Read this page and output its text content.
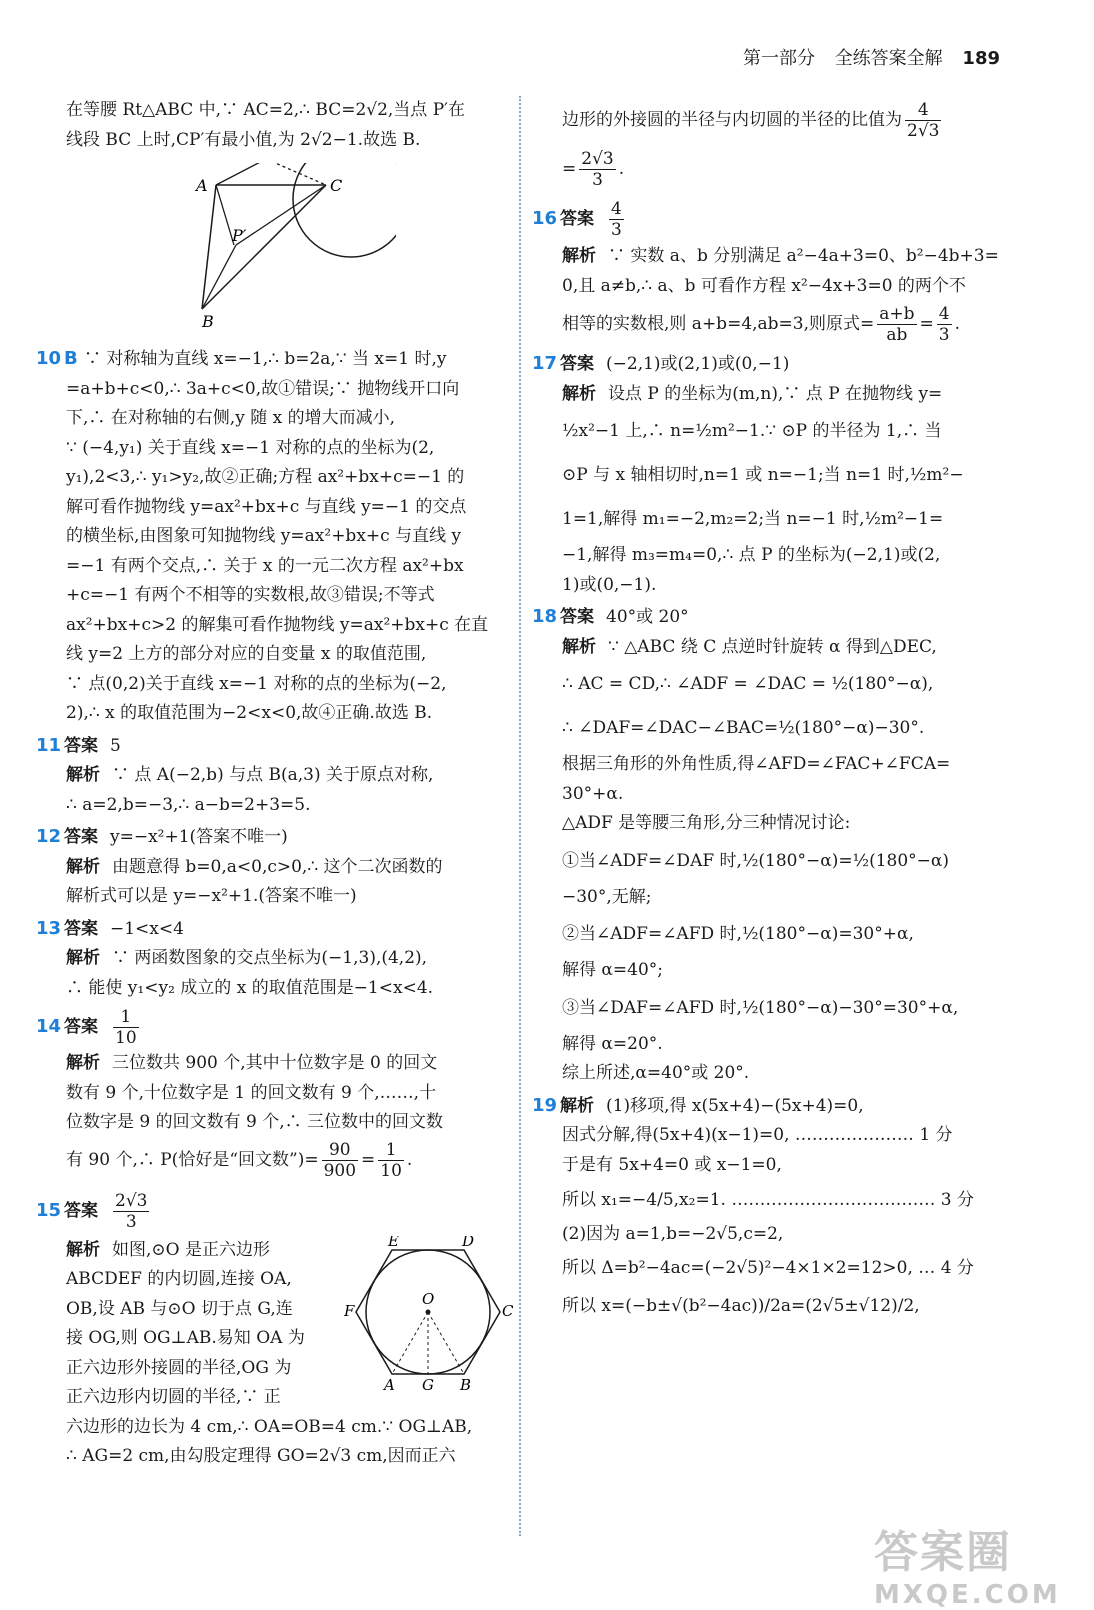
第一部分 全练答案全解 189

在等腰 Rt△ABC 中,∵ AC=2,∴ BC=2√2,当点 P′在

线段 BC 上时,CP′有最小值,为 2√2−1.故选 B.

A
B
C
P′

10 B ∵ 对称轴为直线 x=−1,∴ b=2a,∵ 当 x=1 时,y

=a+b+c<0,∴ 3a+c<0,故①错误;∵ 抛物线开口向

下,∴ 在对称轴的右侧,y 随 x 的增大而减小,

∵ (−4,y₁) 关于直线 x=−1 对称的点的坐标为(2,

y₁),2<3,∴ y₁>y₂,故②正确;方程 ax²+bx+c=−1 的

解可看作抛物线 y=ax²+bx+c 与直线 y=−1 的交点

的横坐标,由图象可知抛物线 y=ax²+bx+c 与直线 y

=−1 有两个交点,∴ 关于 x 的一元二次方程 ax²+bx

+c=−1 有两个不相等的实数根,故③错误;不等式

ax²+bx+c>2 的解集可看作抛物线 y=ax²+bx+c 在直

线 y=2 上方的部分对应的自变量 x 的取值范围,

∵ 点(0,2)关于直线 x=−1 对称的点的坐标为(−2,

2),∴ x 的取值范围为−2<x<0,故④正确.故选 B.

11 答案 5

解析 ∵ 点 A(−2,b) 与点 B(a,3) 关于原点对称,

∴ a=2,b=−3,∴ a−b=2+3=5.

12 答案 y=−x²+1(答案不唯一)

解析 由题意得 b=0,a<0,c>0,∴ 这个二次函数的

解析式可以是 y=−x²+1.(答案不唯一)

13 答案 −1<x<4

解析 ∵ 两函数图象的交点坐标为(−1,3),(4,2),

∴ 能使 y₁<y₂ 成立的 x 的取值范围是−1<x<4.

14 答案 $\frac{1}{10}$

解析 三位数共 900 个,其中十位数字是 0 的回文

数有 9 个,十位数字是 1 的回文数有 9 个,……,十

位数字是 9 的回文数有 9 个,∴ 三位数中的回文数

有 90 个,∴ P(恰好是“回文数”)= $\frac{90}{900} = \frac{1}{10}$ .

15 答案 $\frac{2√3}{3}$

E	D
F	C
O
A G B

解析 如图,⊙O 是正六边形

ABCDEF 的内切圆,连接 OA,

OB,设 AB 与⊙O 切于点 G,连

接 OG,则 OG⊥AB.易知 OA 为

正六边形外接圆的半径,OG 为

正六边形内切圆的半径,∵ 正

六边形的边长为 4 cm,∴ OA=OB=4 cm.∵ OG⊥AB,

∴ AG=2 cm,由勾股定理得 GO=2√3 cm,因而正六

边形的外接圆的半径与内切圆的半径的比值为 $\frac{4}{2√3}$

= $\frac{2√3}{3}$ .

16 答案 $\frac{4}{3}$

解析 ∵ 实数 a、b 分别满足 a²−4a+3=0、b²−4b+3=

0,且 a≠b,∴ a、b 可看作方程 x²−4x+3=0 的两个不

相等的实数根,则 a+b=4,ab=3,则原式= $\frac{a+b}{ab} = \frac{4}{3}$ .

17 答案 (−2,1)或(2,1)或(0,−1)

解析 设点 P 的坐标为(m,n),∵ 点 P 在抛物线 y=

½x²−1 上,∴ n=½m²−1.∵ ⊙P 的半径为 1,∴ 当

⊙P 与 x 轴相切时,n=1 或 n=−1;当 n=1 时,½m²−

1=1,解得 m₁=−2,m₂=2;当 n=−1 时,½m²−1=

−1,解得 m₃=m₄=0,∴ 点 P 的坐标为(−2,1)或(2,

1)或(0,−1).

18 答案 40°或 20°

解析 ∵ △ABC 绕 C 点逆时针旋转 α 得到△DEC,

∴ AC = CD,∴ ∠ADF = ∠DAC = ½(180°−α),

∴ ∠DAF=∠DAC−∠BAC=½(180°−α)−30°.

根据三角形的外角性质,得∠AFD=∠FAC+∠FCA=

30°+α.

△ADF 是等腰三角形,分三种情况讨论:

①当∠ADF=∠DAF 时,½(180°−α)=½(180°−α)

−30°,无解;

②当∠ADF=∠AFD 时,½(180°−α)=30°+α,

解得 α=40°;

③当∠DAF=∠AFD 时,½(180°−α)−30°=30°+α,

解得 α=20°.

综上所述,α=40°或 20°.

19 解析 (1)移项,得 x(5x+4)−(5x+4)=0,

因式分解,得(5x+4)(x−1)=0, ………………… 1 分

于是有 5x+4=0 或 x−1=0,

所以 x₁=−4/5,x₂=1. ……………………………… 3 分

(2)因为 a=1,b=−2√5,c=2,

所以 Δ=b²−4ac=(−2√5)²−4×1×2=12>0, … 4 分

所以 x=(−b±√(b²−4ac))/2a=(2√5±√12)/2,

答案圈
MXQE.COM
